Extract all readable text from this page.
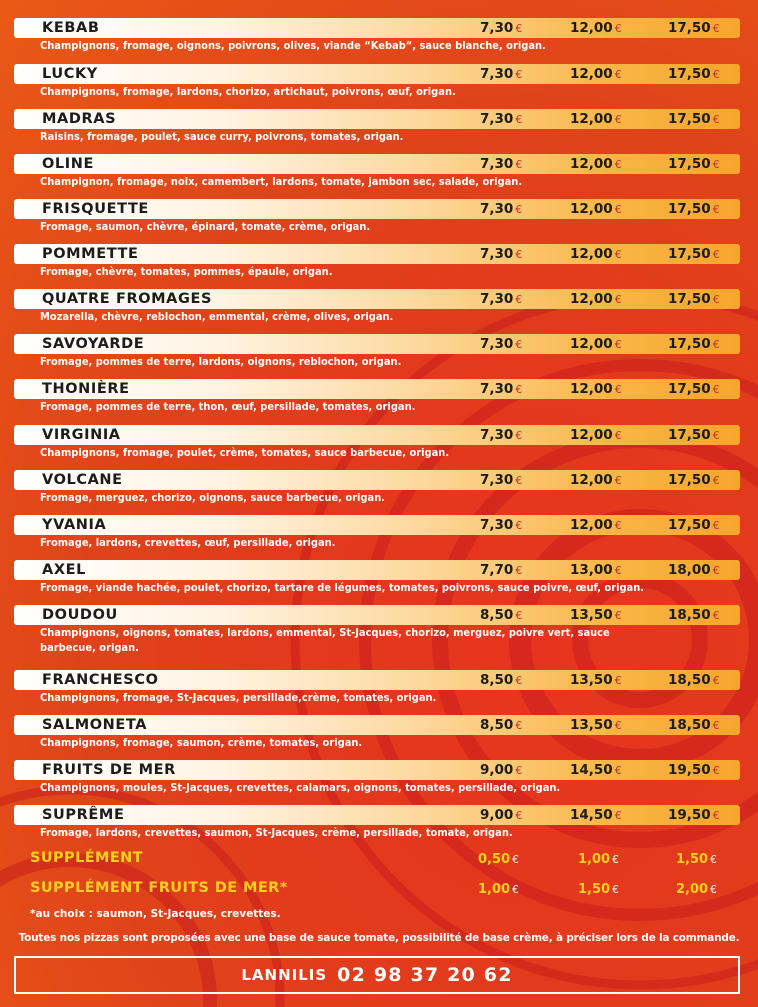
KEBAB	7,30 €	12,00 €	17,50 €
Champignons, fromage, oignons, poivrons, olives, viande “Kebab“, sauce blanche, origan.
LUCKY	7,30 €	12,00 €	17,50 €
Champignons, fromage, lardons, chorizo, artichaut, poivrons, œuf, origan.
MADRAS	7,30 €	12,00 €	17,50 €
Raisins, fromage, poulet, sauce curry, poivrons, tomates, origan.
OLINE	7,30 €	12,00 €	17,50 €
Champignon, fromage, noix, camembert, lardons, tomate, jambon sec, salade, origan.
FRISQUETTE	7,30 €	12,00 €	17,50 €
Fromage, saumon, chèvre, épinard, tomate, crème, origan.
POMMETTE	7,30 €	12,00 €	17,50 €
Fromage, chèvre, tomates, pommes, épaule, origan.
QUATRE FROMAGES	7,30 €	12,00 €	17,50 €
Mozarella, chèvre, reblochon, emmental, crème, olives, origan.
SAVOYARDE	7,30 €	12,00 €	17,50 €
Fromage, pommes de terre, lardons, oignons, reblochon, origan.
THONIÈRE	7,30 €	12,00 €	17,50 €
Fromage, pommes de terre, thon, œuf, persillade, tomates, origan.
VIRGINIA	7,30 €	12,00 €	17,50 €
Champignons, fromage, poulet, crème, tomates, sauce barbecue, origan.
VOLCANE	7,30 €	12,00 €	17,50 €
Fromage, merguez, chorizo, oignons, sauce barbecue, origan.
YVANIA	7,30 €	12,00 €	17,50 €
Fromage, lardons, crevettes, œuf, persillade, origan.
AXEL	7,70 €	13,00 €	18,00 €
Fromage, viande hachée, poulet, chorizo, tartare de légumes, tomates, poivrons, sauce poivre, œuf, origan.
DOUDOU	8,50 €	13,50 €	18,50 €
Champignons, oignons, tomates, lardons, emmental, St-Jacques, chorizo, merguez, poivre vert, sauce barbecue, origan.
FRANCHESCO	8,50 €	13,50 €	18,50 €
Champignons, fromage, St-Jacques, persillade,crème, tomates, origan.
SALMONETA	8,50 €	13,50 €	18,50 €
Champignons, fromage, saumon, crème, tomates, origan.
FRUITS DE MER	9,00 €	14,50 €	19,50 €
Champignons, moules, St-Jacques, crevettes, calamars, oignons, tomates, persillade, origan.
SUPRÊME	9,00 €	14,50 €	19,50 €
Fromage, lardons, crevettes, saumon, St-Jacques, crème, persillade, tomate, origan.
SUPPLÉMENT	0,50 €	1,00 €	1,50 €
SUPPLÉMENT FRUITS DE MER*	1,00 €	1,50 €	2,00 €
*au choix : saumon, St-Jacques, crevettes.
Toutes nos pizzas sont proposées avec une base de sauce tomate, possibilité de base crème, à préciser lors de la commande.
LANNILIS 02 98 37 20 62
